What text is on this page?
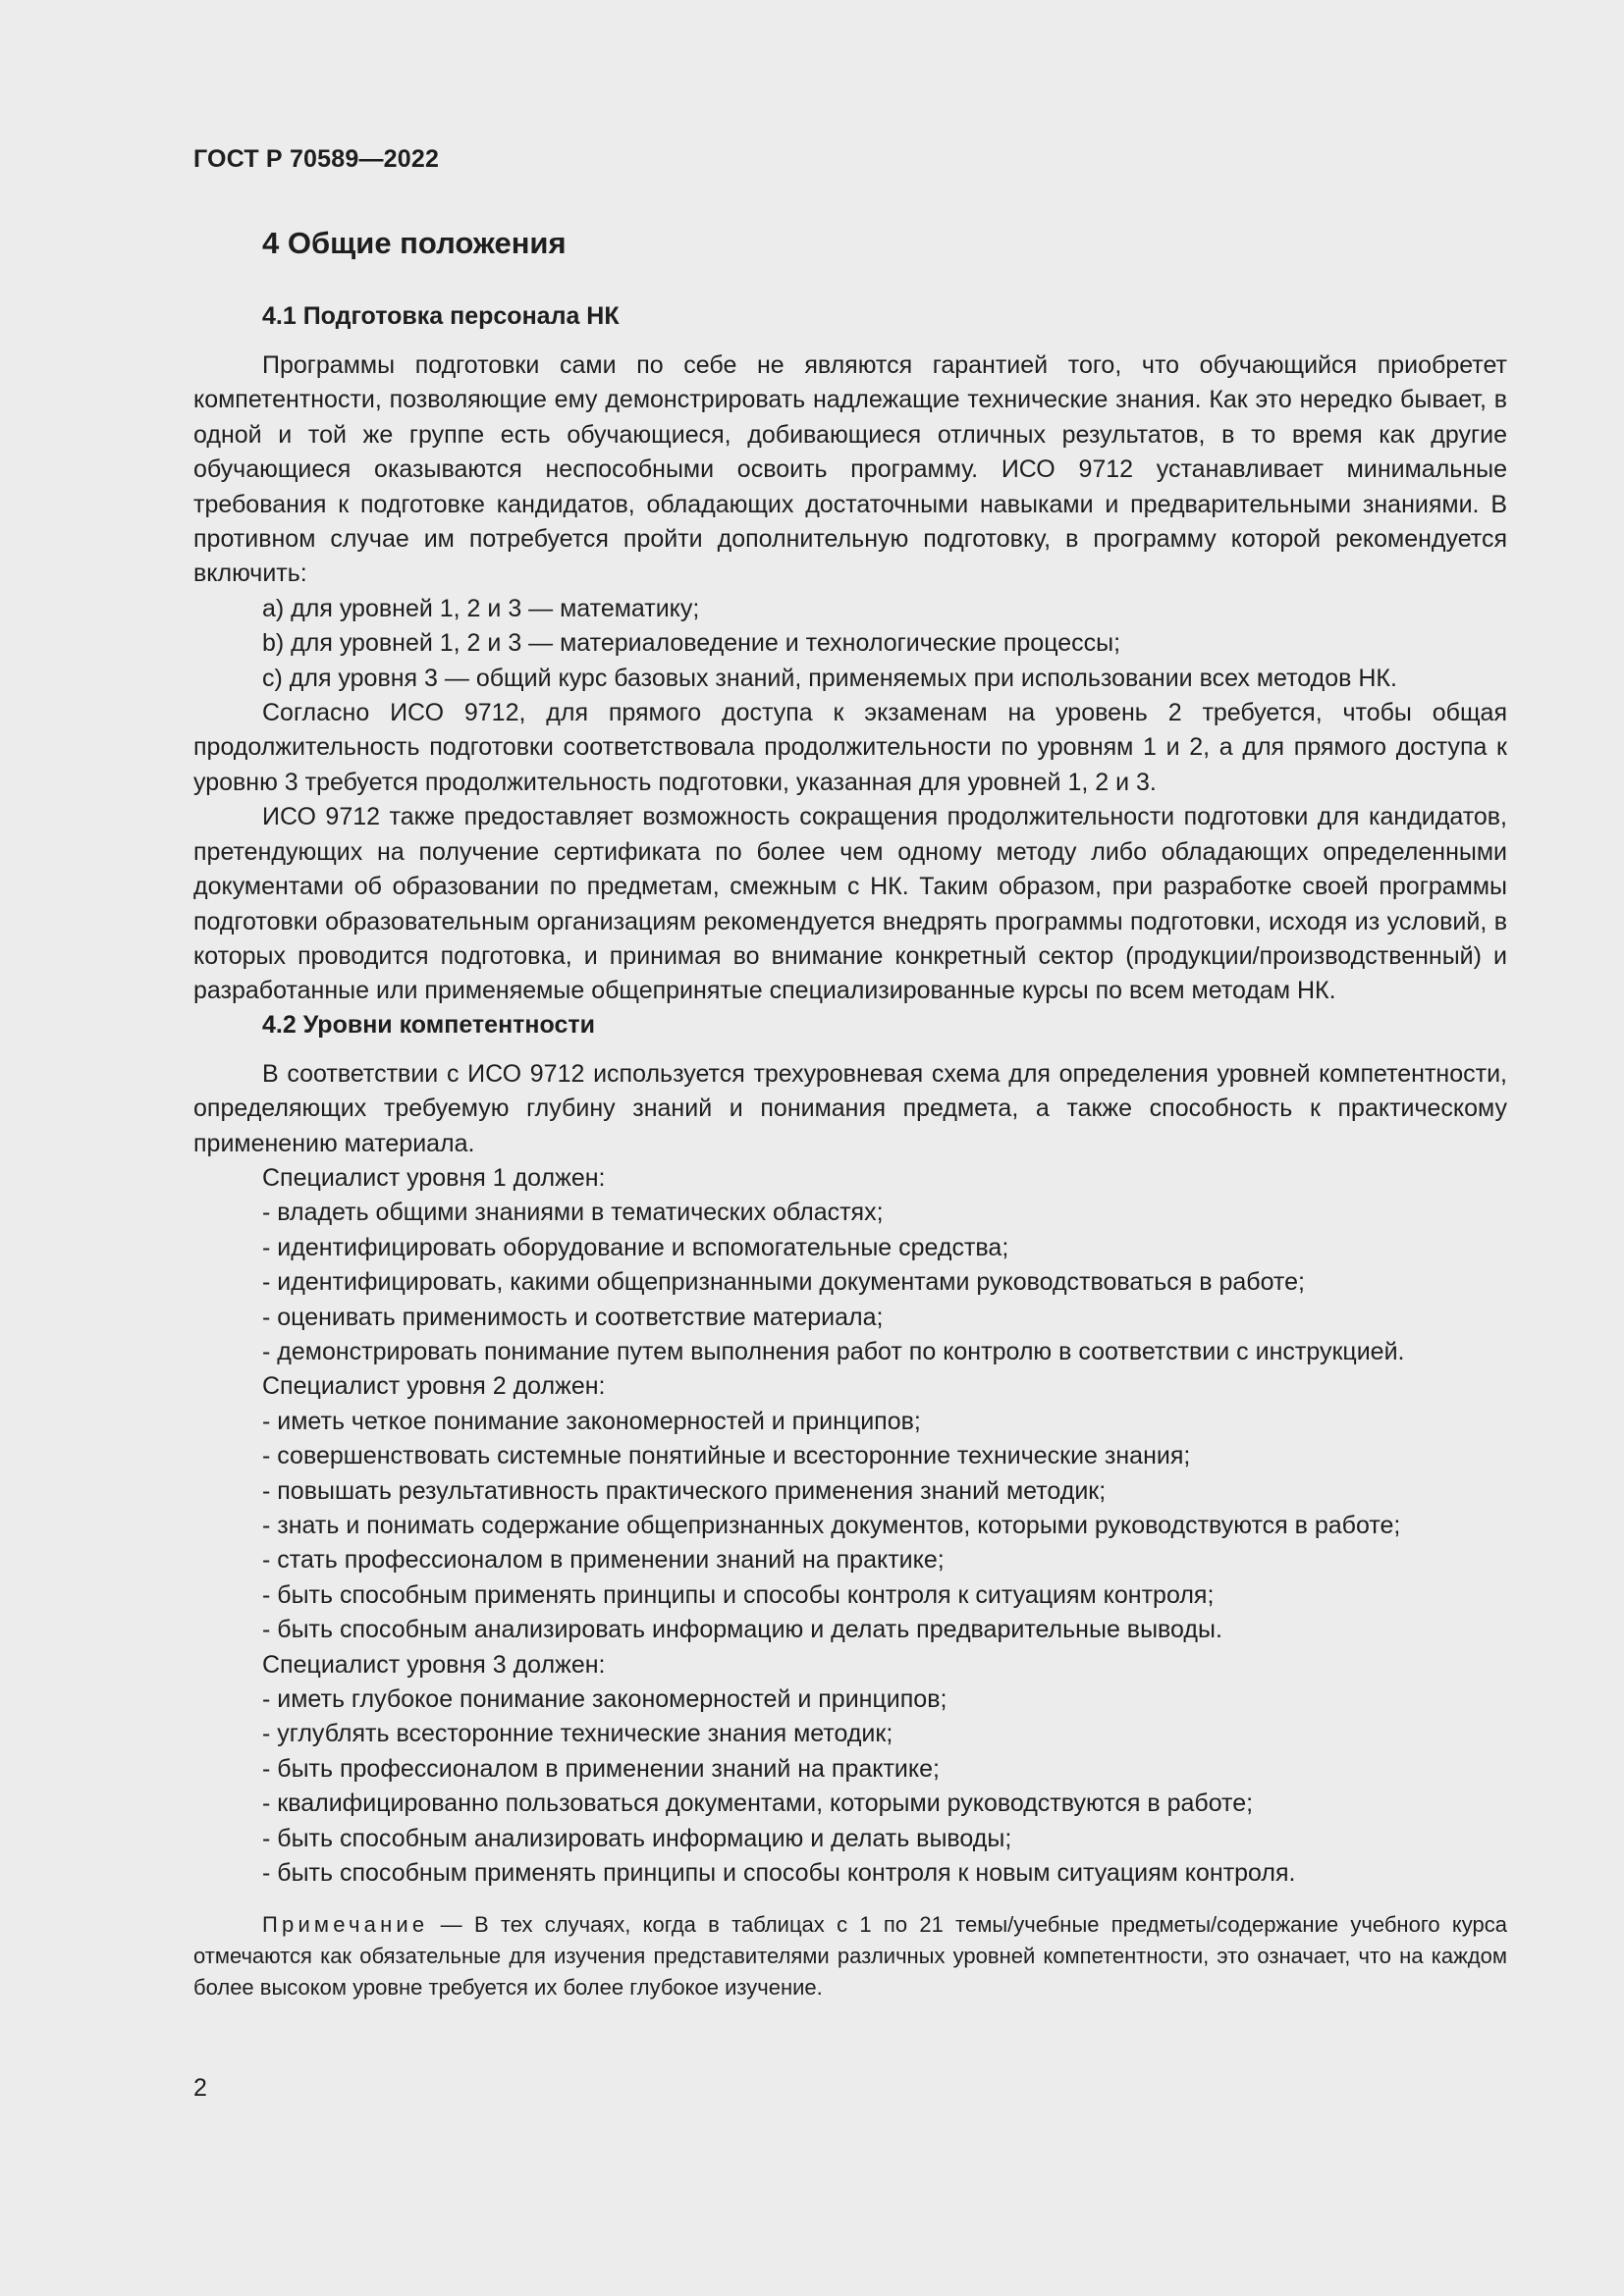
ГОСТ Р 70589—2022
4 Общие положения
4.1 Подготовка персонала НК

Программы подготовки сами по себе не являются гарантией того, что обучающийся приобретет компетентности, позволяющие ему демонстрировать надлежащие технические знания. Как это нередко бывает, в одной и той же группе есть обучающиеся, добивающиеся отличных результатов, в то время как другие обучающиеся оказываются неспособными освоить программу. ИСО 9712 устанавливает минимальные требования к подготовке кандидатов, обладающих достаточными навыками и предварительными знаниями. В противном случае им потребуется пройти дополнительную подготовку, в программу которой рекомендуется включить:

a) для уровней 1, 2 и 3 — математику;
b) для уровней 1, 2 и 3 — материаловедение и технологические процессы;
c) для уровня 3 — общий курс базовых знаний, применяемых при использовании всех методов НК.

Согласно ИСО 9712, для прямого доступа к экзаменам на уровень 2 требуется, чтобы общая продолжительность подготовки соответствовала продолжительности по уровням 1 и 2, а для прямого доступа к уровню 3 требуется продолжительность подготовки, указанная для уровней 1, 2 и 3.

ИСО 9712 также предоставляет возможность сокращения продолжительности подготовки для кандидатов, претендующих на получение сертификата по более чем одному методу либо обладающих определенными документами об образовании по предметам, смежным с НК. Таким образом, при разработке своей программы подготовки образовательным организациям рекомендуется внедрять программы подготовки, исходя из условий, в которых проводится подготовка, и принимая во внимание конкретный сектор (продукции/производственный) и разработанные или применяемые общепринятые специализированные курсы по всем методам НК.

4.2 Уровни компетентности

В соответствии с ИСО 9712 используется трехуровневая схема для определения уровней компетентности, определяющих требуемую глубину знаний и понимания предмета, а также способность к практическому применению материала.

Специалист уровня 1 должен:
- владеть общими знаниями в тематических областях;
- идентифицировать оборудование и вспомогательные средства;
- идентифицировать, какими общепризнанными документами руководствоваться в работе;
- оценивать применимость и соответствие материала;
- демонстрировать понимание путем выполнения работ по контролю в соответствии с инструкцией.
Специалист уровня 2 должен:
- иметь четкое понимание закономерностей и принципов;
- совершенствовать системные понятийные и всесторонние технические знания;
- повышать результативность практического применения знаний методик;
- знать и понимать содержание общепризнанных документов, которыми руководствуются в работе;
- стать профессионалом в применении знаний на практике;
- быть способным применять принципы и способы контроля к ситуациям контроля;
- быть способным анализировать информацию и делать предварительные выводы.
Специалист уровня 3 должен:
- иметь глубокое понимание закономерностей и принципов;
- углублять всесторонние технические знания методик;
- быть профессионалом в применении знаний на практике;
- квалифицированно пользоваться документами, которыми руководствуются в работе;
- быть способным анализировать информацию и делать выводы;
- быть способным применять принципы и способы контроля к новым ситуациям контроля.
Примечание — В тех случаях, когда в таблицах с 1 по 21 темы/учебные предметы/содержание учебного курса отмечаются как обязательные для изучения представителями различных уровней компетентности, это означает, что на каждом более высоком уровне требуется их более глубокое изучение.
2
